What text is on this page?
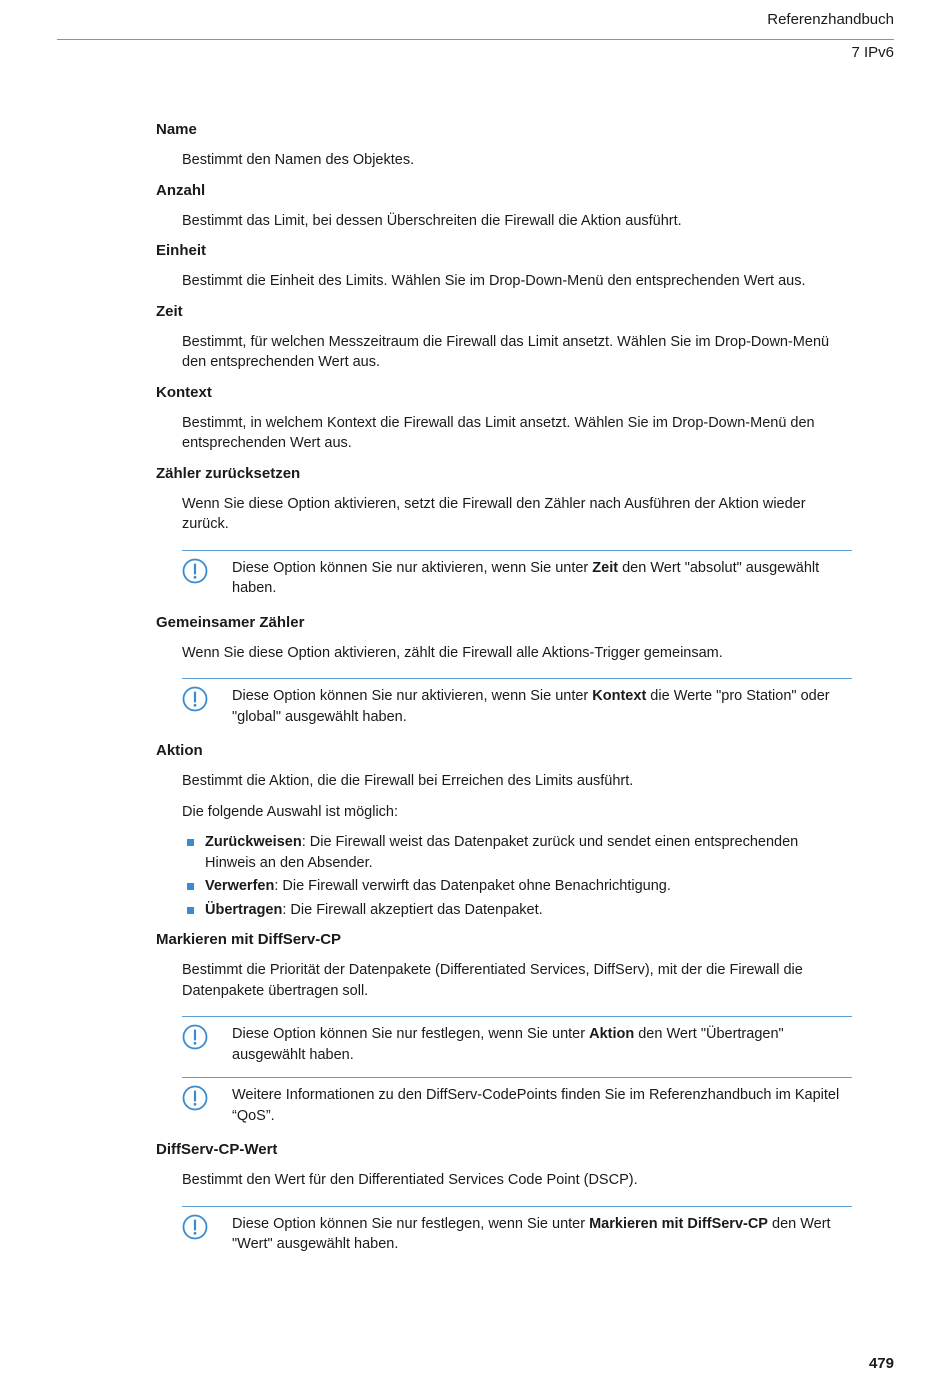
Referenzhandbuch
7 IPv6

Name

Bestimmt den Namen des Objektes.

Anzahl

Bestimmt das Limit, bei dessen Überschreiten die Firewall die Aktion ausführt.

Einheit

Bestimmt die Einheit des Limits. Wählen Sie im Drop-Down-Menü den entsprechenden Wert aus.

Zeit

Bestimmt, für welchen Messzeitraum die Firewall das Limit ansetzt. Wählen Sie im Drop-Down-Menü den entsprechenden Wert aus.

Kontext

Bestimmt, in welchem Kontext die Firewall das Limit ansetzt. Wählen Sie im Drop-Down-Menü den entsprechenden Wert aus.

Zähler zurücksetzen

Wenn Sie diese Option aktivieren, setzt die Firewall den Zähler nach Ausführen der Aktion wieder zurück.

Diese Option können Sie nur aktivieren, wenn Sie unter Zeit den Wert "absolut" ausgewählt haben.

Gemeinsamer Zähler

Wenn Sie diese Option aktivieren, zählt die Firewall alle Aktions-Trigger gemeinsam.

Diese Option können Sie nur aktivieren, wenn Sie unter Kontext die Werte "pro Station" oder "global" ausgewählt haben.

Aktion

Bestimmt die Aktion, die die Firewall bei Erreichen des Limits ausführt.

Die folgende Auswahl ist möglich:

Zurückweisen: Die Firewall weist das Datenpaket zurück und sendet einen entsprechenden Hinweis an den Absender.
Verwerfen: Die Firewall verwirft das Datenpaket ohne Benachrichtigung.
Übertragen: Die Firewall akzeptiert das Datenpaket.

Markieren mit DiffServ-CP

Bestimmt die Priorität der Datenpakete (Differentiated Services, DiffServ), mit der die Firewall die Datenpakete übertragen soll.

Diese Option können Sie nur festlegen, wenn Sie unter Aktion den Wert "Übertragen" ausgewählt haben.
Weitere Informationen zu den DiffServ-CodePoints finden Sie im Referenzhandbuch im Kapitel “QoS”.

DiffServ-CP-Wert

Bestimmt den Wert für den Differentiated Services Code Point (DSCP).

Diese Option können Sie nur festlegen, wenn Sie unter Markieren mit DiffServ-CP den Wert "Wert" ausgewählt haben.
479
